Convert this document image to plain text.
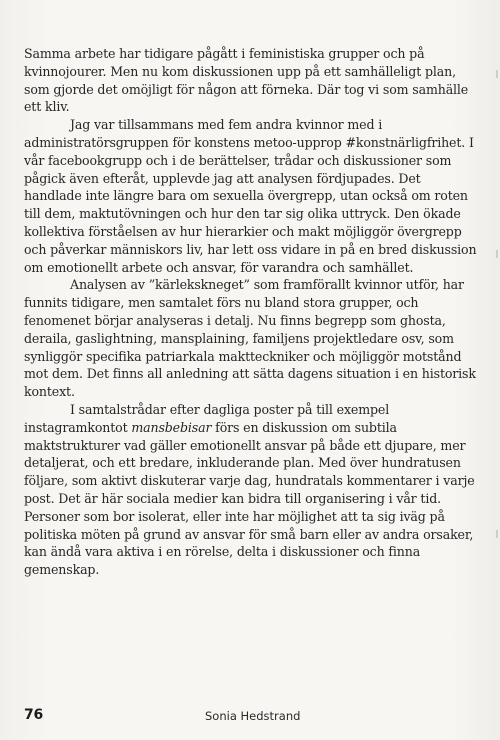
Samma arbete har tidigare pågått i feministiska grupper och på kvinnojourer. Men nu kom diskussionen upp på ett samhälleligt plan, som gjorde det omöjligt för någon att förneka. Där tog vi som samhälle ett kliv.

Jag var tillsammans med fem andra kvinnor med i administratörsgruppen för konstens metoo-upprop #konstnärligfrihet. I vår facebookgrupp och i de berättelser, trådar och diskussioner som pågick även efteråt, upplevde jag att analysen fördjupades. Det handlade inte längre bara om sexuella övergrepp, utan också om roten till dem, maktutövningen och hur den tar sig olika uttryck. Den ökade kollektiva förståelsen av hur hierarkier och makt möjliggör övergrepp och påverkar människors liv, har lett oss vidare in på en bred diskussion om emotionellt arbete och ansvar, för varandra och samhället.

Analysen av ”kärlekskneget” som framförallt kvinnor utför, har funnits tidigare, men samtalet förs nu bland stora grupper, och fenomenet börjar analyseras i detalj. Nu finns begrepp som ghosta, deraila, gaslightning, mansplaining, familjens projektledare osv, som synliggör specifika patriarkala maktteckniker och möjliggör motstånd mot dem. Det finns all anledning att sätta dagens situation i en historisk kontext.

I samtalstrådar efter dagliga poster på till exempel instagramkontot mansbebisar förs en diskussion om subtila maktstrukturer vad gäller emotionellt ansvar på både ett djupare, mer detaljerat, och ett bredare, inkluderande plan. Med över hundratusen följare, som aktivt diskuterar varje dag, hundratals kommentarer i varje post. Det är här sociala medier kan bidra till organisering i vår tid. Personer som bor isolerat, eller inte har möjlighet att ta sig iväg på politiska möten på grund av ansvar för små barn eller av andra orsaker, kan ändå vara aktiva i en rörelse, delta i diskussioner och finna gemenskap.

76	Sonia Hedstrand
